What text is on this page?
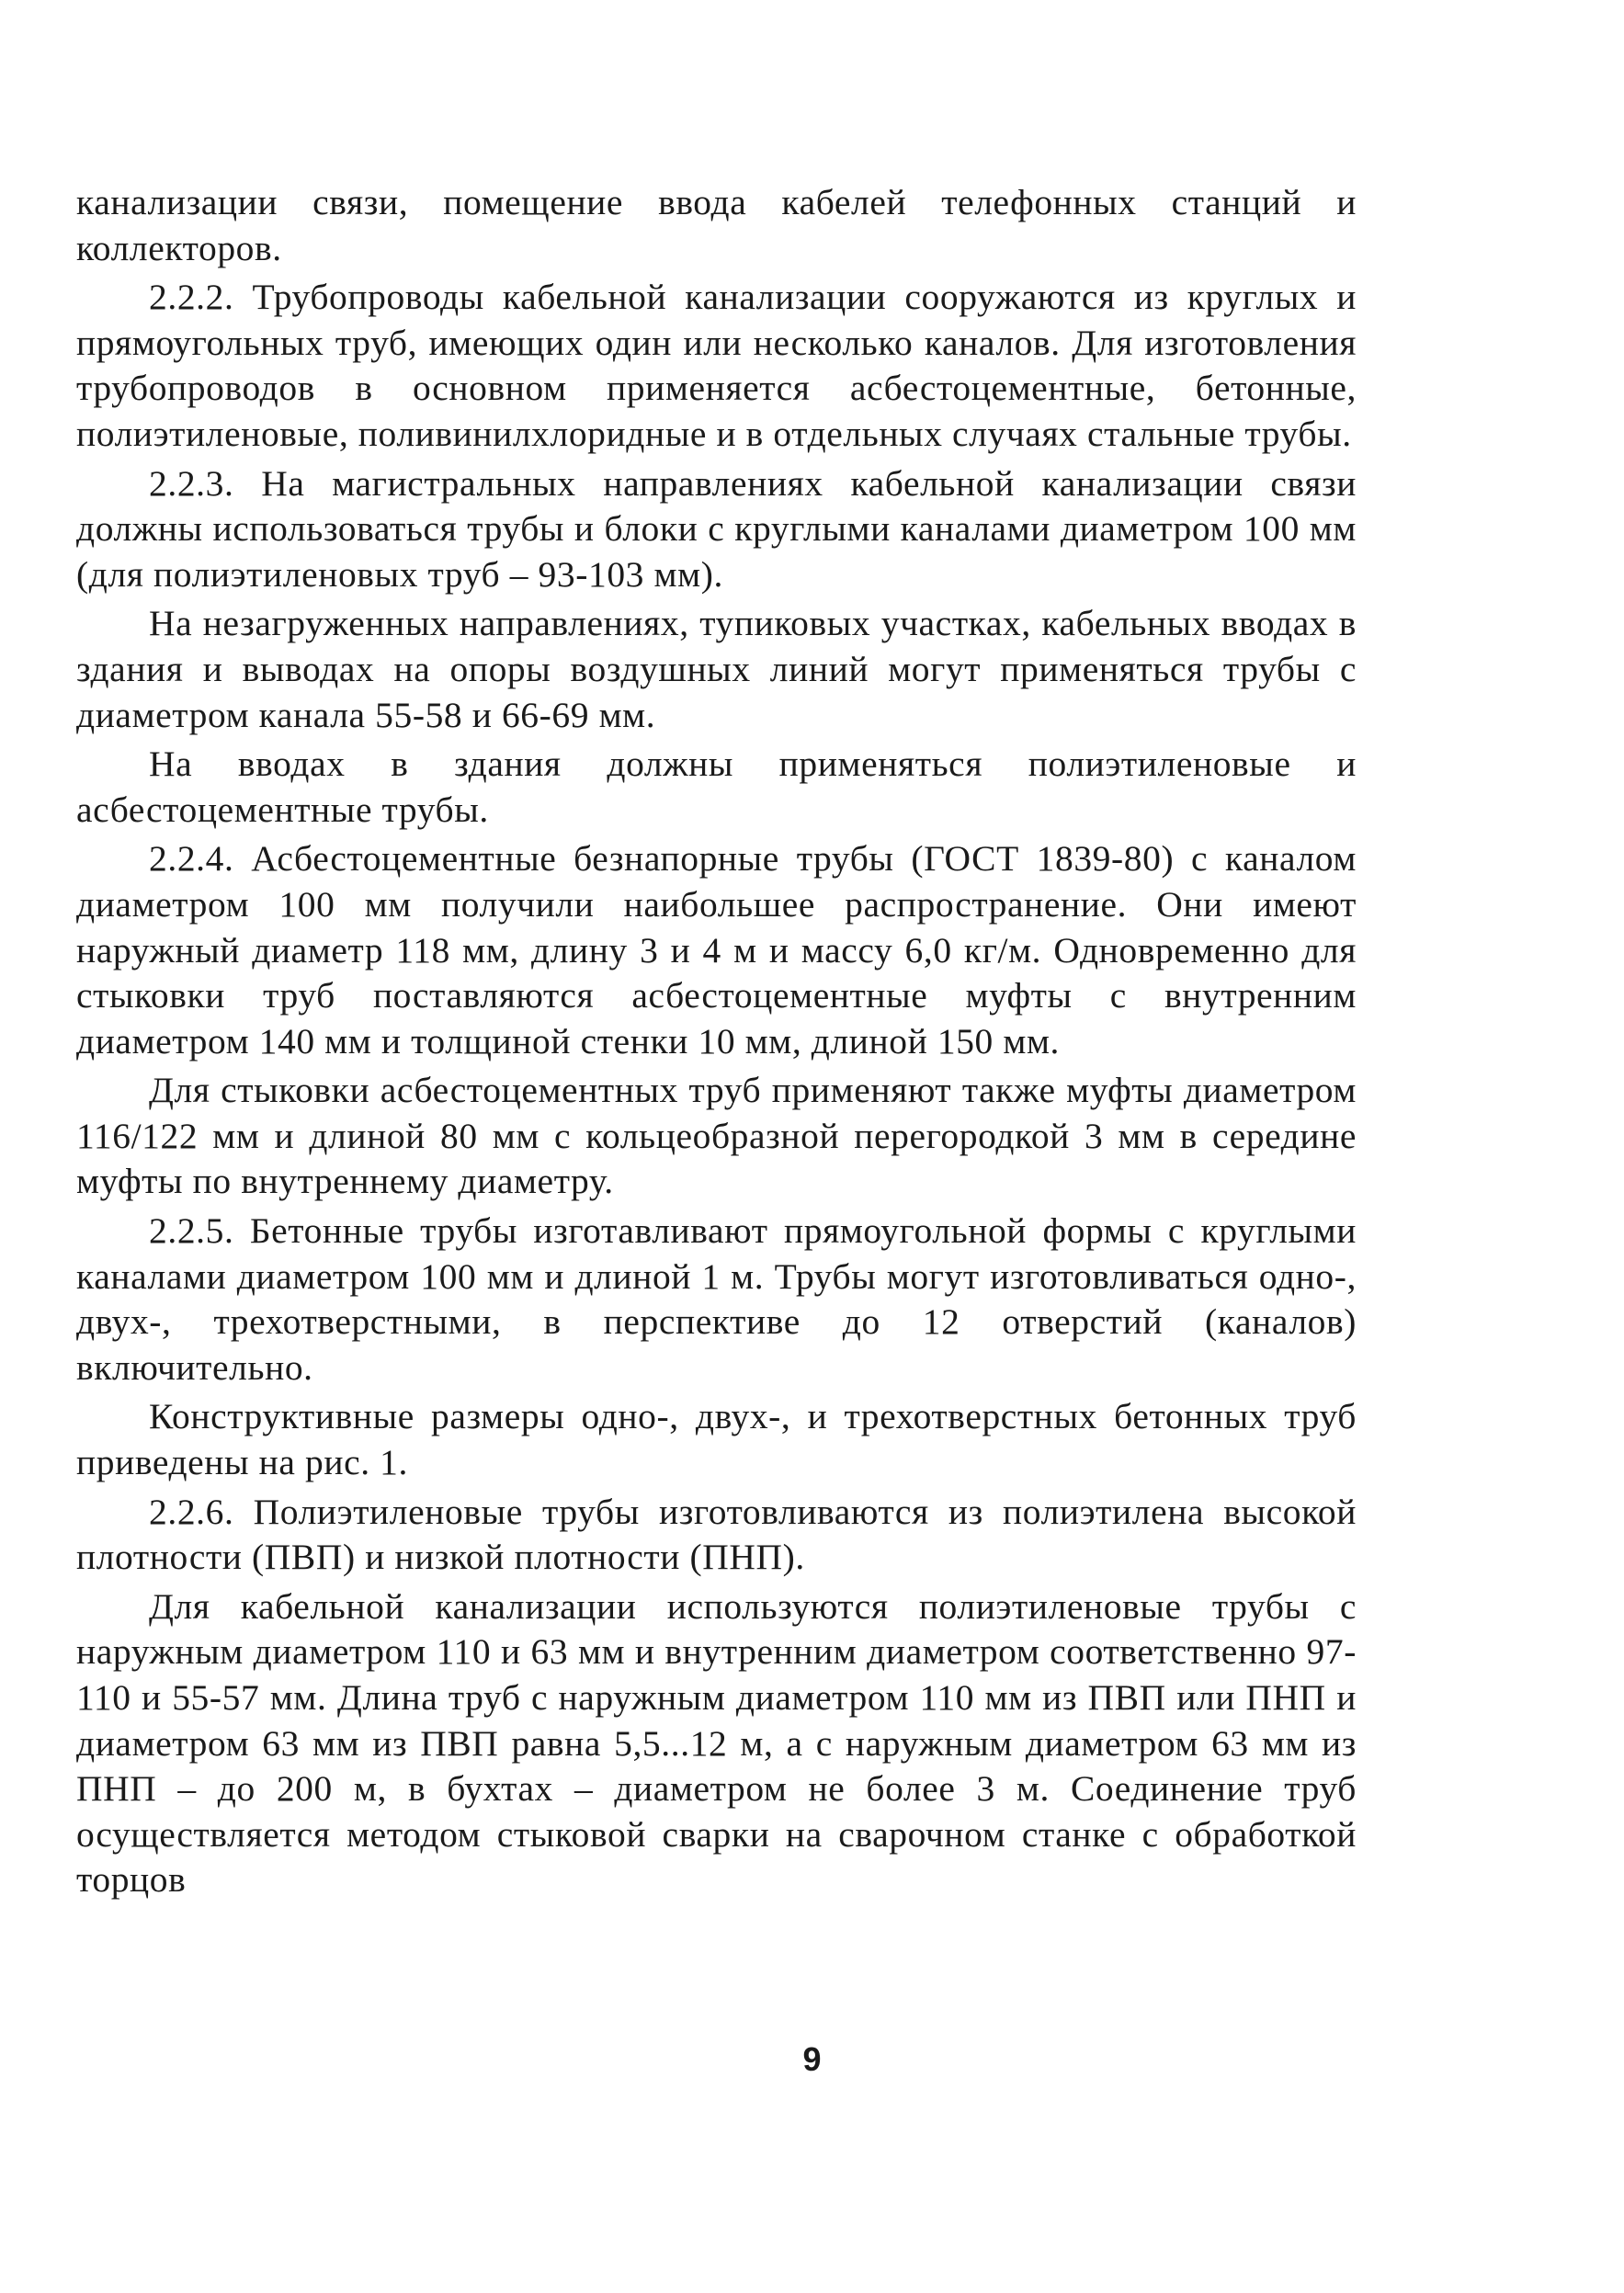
канализации связи, помещение ввода кабелей телефонных станций и коллекторов.

2.2.2. Трубопроводы кабельной канализации сооружаются из круглых и прямоугольных труб, имеющих один или несколько каналов. Для изготовления трубопроводов в основном применяется асбестоцементные, бетонные, полиэтиленовые, поливинилхлоридные и в отдельных случаях стальные трубы.

2.2.3. На магистральных направлениях кабельной канализации связи должны использоваться трубы и блоки с круглыми каналами диаметром 100 мм (для полиэтиленовых труб – 93-103 мм).

На незагруженных направлениях, тупиковых участках, кабельных вводах в здания и выводах на опоры воздушных линий могут применяться трубы с диаметром канала 55-58 и 66-69 мм.

На вводах в здания должны применяться полиэтиленовые и асбестоцементные трубы.

2.2.4. Асбестоцементные безнапорные трубы (ГОСТ 1839-80) с каналом диаметром 100 мм получили наибольшее распространение. Они имеют наружный диаметр 118 мм, длину 3 и 4 м и массу 6,0 кг/м. Одновременно для стыковки труб поставляются асбестоцементные муфты с внутренним диаметром 140 мм и толщиной стенки 10 мм, длиной 150 мм.

Для стыковки асбестоцементных труб применяют также муфты диаметром 116/122 мм и длиной 80 мм с кольцеобразной перегородкой 3 мм в середине муфты по внутреннему диаметру.

2.2.5. Бетонные трубы изготавливают прямоугольной формы с круглыми каналами диаметром 100 мм и длиной 1 м. Трубы могут изготовливаться одно-, двух-, трехотверстными, в перспективе до 12 отверстий (каналов) включительно.

Конструктивные размеры одно-, двух-, и трехотверстных бетонных труб приведены на рис. 1.

2.2.6. Полиэтиленовые трубы изготовливаются из полиэтилена высокой плотности (ПВП) и низкой плотности (ПНП).

Для кабельной канализации используются полиэтиленовые трубы с наружным диаметром 110 и 63 мм и внутренним диаметром соответственно 97-110 и 55-57 мм. Длина труб с наружным диаметром 110 мм из ПВП или ПНП и диаметром 63 мм из ПВП равна 5,5...12 м, а с наружным диаметром 63 мм из ПНП – до 200 м, в бухтах – диаметром не более 3 м. Соединение труб осуществляется методом стыковой сварки на сварочном станке с обработкой торцов

9
